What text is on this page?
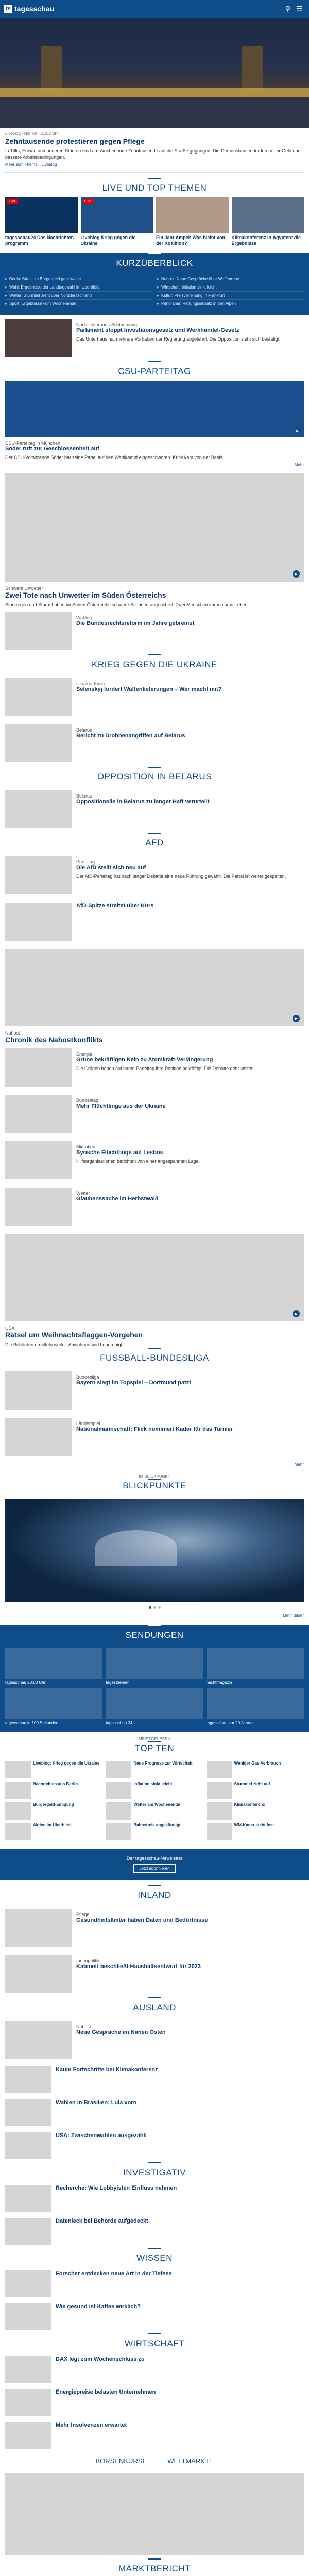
ts tagesschau	⚲ ☰
Liveblog · Nahost · 11:02 Uhr
Zehntausende protestieren gegen Pflege
In Tiflis, Eriwan und anderen Städten sind am Wochenende Zehntausende auf die Straße gegangen. Die Demonstranten fordern mehr Geld und bessere Arbeitsbedingungen.
Mehr zum Thema Liveblog
LIVE UND TOP THEMEN
LIVE
tagesschau24 Das Nachrichtenprogramm
LIVE
Liveblog Krieg gegen die Ukraine
Ein Jahr Ampel: Was bleibt von der Koalition?
Klimakonferenz in Ägypten: die Ergebnisse
KURZÜBERBLICK
▸ Berlin: Streit um Bürgergeld geht weiter
▸ Wahl: Ergebnisse der Landtagswahl im Überblick
▸ Wetter: Sturmtief zieht über Norddeutschland
▸ Sport: Ergebnisse vom Wochenende
▸ Nahost: Neue Gespräche über Waffenruhe
▸ Wirtschaft: Inflation sinkt leicht
▸ Kultur: Preisverleihung in Frankfurt
▸ Panorama: Rettungseinsatz in den Alpen
Nach Unterhaus-Abstimmung
Parlament stoppt Investitionsgesetz und Werkhandel-Gesetz
Das Unterhaus hat mehrere Vorhaben der Regierung abgelehnt. Die Opposition sieht sich bestätigt.
CSU-PARTEITAG
▶
CSU-Parteitag in München
Söder ruft zur Geschlossenheit auf
Der CSU-Vorsitzende Söder hat seine Partei auf den Wahlkampf eingeschworen. Kritik kam von der Basis.
Mehr
▶
Schwere Unwetter
Zwei Tote nach Unwetter im Süden Österreichs
Starkregen und Sturm haben im Süden Österreichs schwere Schäden angerichtet. Zwei Menschen kamen ums Leben.
Wahlen
Die Bundesrechtsreform im Jahre gebremst
KRIEG GEGEN DIE UKRAINE
Ukraine-Krieg
Selenskyj fordert Waffenlieferungen – Wer macht mit?
Belarus
Bericht zu Drohnenangriffen auf Belarus
OPPOSITION IN BELARUS
Belarus
Oppositionelle in Belarus zu langer Haft verurteilt
AFD
Parteitag
Die AfD stellt sich neu auf
Der AfD-Parteitag hat nach langer Debatte eine neue Führung gewählt. Die Partei ist weiter gespalten.
AfD-Spitze streitet über Kurs
▶
Nahost
Chronik des Nahostkonflikts
Energie
Grüne bekräftigen Nein zu Atomkraft-Verlängerung
Die Grünen haben auf ihrem Parteitag ihre Position bekräftigt. Die Debatte geht weiter.
Bundestag
Mehr Flüchtlinge aus der Ukraine
Migration
Syrische Flüchtlinge auf Lesbos
Hilfsorganisationen berichten von einer angespannten Lage.
Wetter
Glaubenssache im Herbstwald
▶
USA
Rätsel um Weihnachtsflaggen-Vorgehen
Die Behörden ermitteln weiter. Anwohner sind beunruhigt.
FUSSBALL-BUNDESLIGA
Bundesliga
Bayern siegt im Topspiel – Dortmund patzt
Länderspiel
Nationalmannschaft: Flick nominiert Kader für das Turnier
Mehr
IM BLICKPUNKT
BLICKPUNKTE
Mehr Bilder
SENDUNGEN
tagesschau 20:00 Uhr	tagesthemen	nachtmagazin
tagesschau in 100 Sekunden	tagesschau 24	tagesschau vor 20 Jahren
MEISTGELESEN
TOP TEN
Liveblog: Krieg gegen die Ukraine	Neue Prognose zur Wirtschaft	Weniger Gas-Verbrauch
Nachrichten aus Berlin	Inflation sinkt leicht	Sturmtief zieht auf
Bürgergeld-Einigung	Wetter am Wochenende	Klimakonferenz
Aktien im Überblick	Bahnstreik angekündigt	WM-Kader steht fest
Der tagesschau-Newsletter
Jetzt abonnieren
INLAND
Pflege
Gesundheitsämter haben Daten und Bedürfnisse
Innenpolitik
Kabinett beschließt Haushaltsentwurf für 2023
AUSLAND
Nahost
Neue Gespräche im Nahen Osten
Kaum Fortschritte bei Klimakonferenz
Wahlen in Brasilien: Lula vorn
USA: Zwischenwahlen ausgezählt
INVESTIGATIV
Recherche: Wie Lobbyisten Einfluss nehmen
Datenleck bei Behörde aufgedeckt
WISSEN
Forscher entdecken neue Art in der Tiefsee
Wie gesund ist Kaffee wirklich?
WIRTSCHAFT
DAX legt zum Wochenschluss zu
Energiepreise belasten Unternehmen
Mehr Insolvenzen erwartet
BÖRSENKURSE	WELTMÄRKTE
MARKTBERICHT
